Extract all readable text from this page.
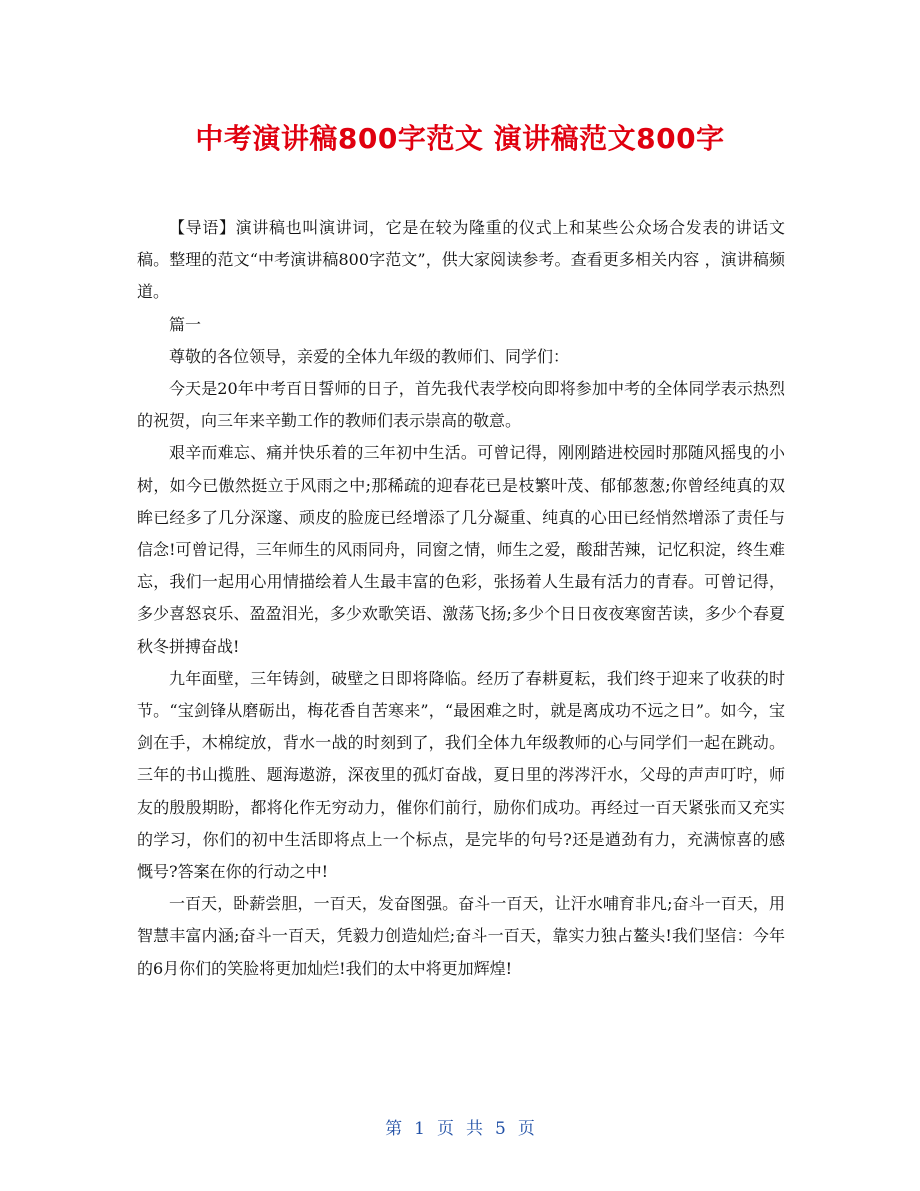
中考演讲稿800字范文 演讲稿范文800字

【导语】演讲稿也叫演讲词，它是在较为隆重的仪式上和某些公众场合发表的讲话文稿。整理的范文“中考演讲稿800字范文”，供大家阅读参考。查看更多相关内容 ，演讲稿频道。

篇一

尊敬的各位领导，亲爱的全体九年级的教师们、同学们：

今天是20年中考百日誓师的日子，首先我代表学校向即将参加中考的全体同学表示热烈的祝贺，向三年来辛勤工作的教师们表示崇高的敬意。

艰辛而难忘、痛并快乐着的三年初中生活。可曾记得，刚刚踏进校园时那随风摇曳的小树，如今已傲然挺立于风雨之中;那稀疏的迎春花已是枝繁叶茂、郁郁葱葱;你曾经纯真的双眸已经多了几分深邃、顽皮的脸庞已经增添了几分凝重、纯真的心田已经悄然增添了责任与信念!可曾记得，三年师生的风雨同舟，同窗之情，师生之爱，酸甜苦辣，记忆积淀，终生难忘，我们一起用心用情描绘着人生最丰富的色彩，张扬着人生最有活力的青春。可曾记得，多少喜怒哀乐、盈盈泪光，多少欢歌笑语、激荡飞扬;多少个日日夜夜寒窗苦读，多少个春夏秋冬拼搏奋战!

九年面壁，三年铸剑，破壁之日即将降临。经历了春耕夏耘，我们终于迎来了收获的时节。“宝剑锋从磨砺出，梅花香自苦寒来”，“最困难之时，就是离成功不远之日”。如今，宝剑在手，木棉绽放，背水一战的时刻到了，我们全体九年级教师的心与同学们一起在跳动。三年的书山揽胜、题海遨游，深夜里的孤灯奋战，夏日里的涔涔汗水，父母的声声叮咛，师友的殷殷期盼，都将化作无穷动力，催你们前行，励你们成功。再经过一百天紧张而又充实的学习，你们的初中生活即将点上一个标点，是完毕的句号?还是遒劲有力，充满惊喜的感慨号?答案在你的行动之中!

一百天，卧薪尝胆，一百天，发奋图强。奋斗一百天，让汗水哺育非凡;奋斗一百天，用智慧丰富内涵;奋斗一百天，凭毅力创造灿烂;奋斗一百天，靠实力独占鳌头!我们坚信：今年的6月你们的笑脸将更加灿烂!我们的太中将更加辉煌!

第 1 页 共 5 页
